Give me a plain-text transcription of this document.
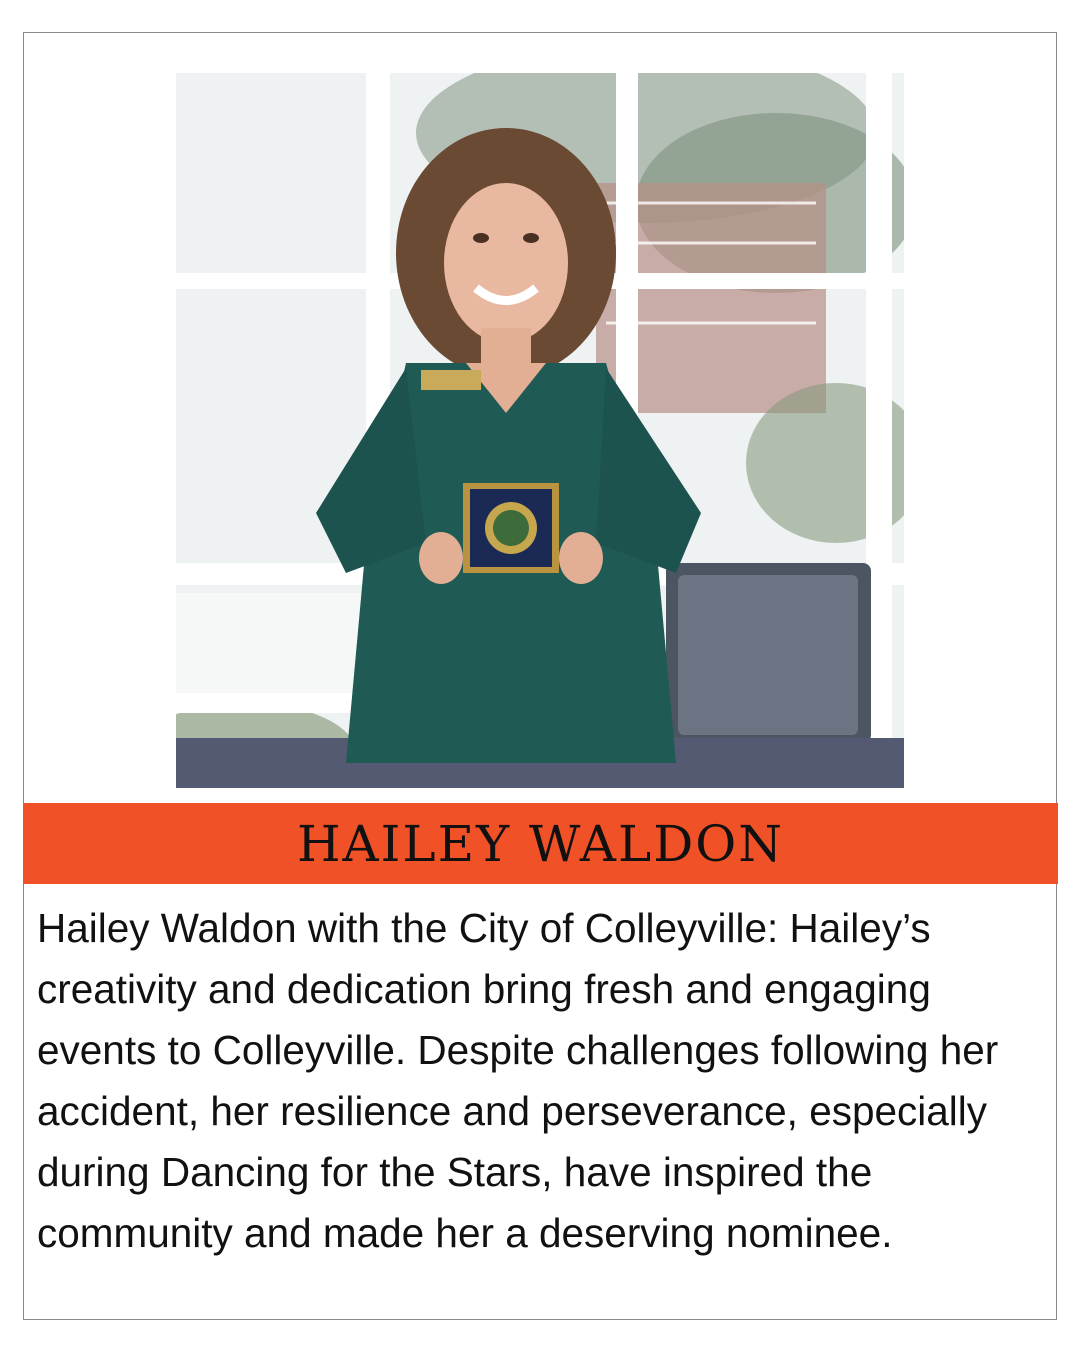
HAILEY WALDON

Hailey Waldon with the City of Colleyville: Hailey’s creativity and dedication bring fresh and engaging events to Colleyville. Despite challenges following her accident, her resilience and perseverance, especially during Dancing for the Stars, have inspired the community and made her a deserving nominee.
